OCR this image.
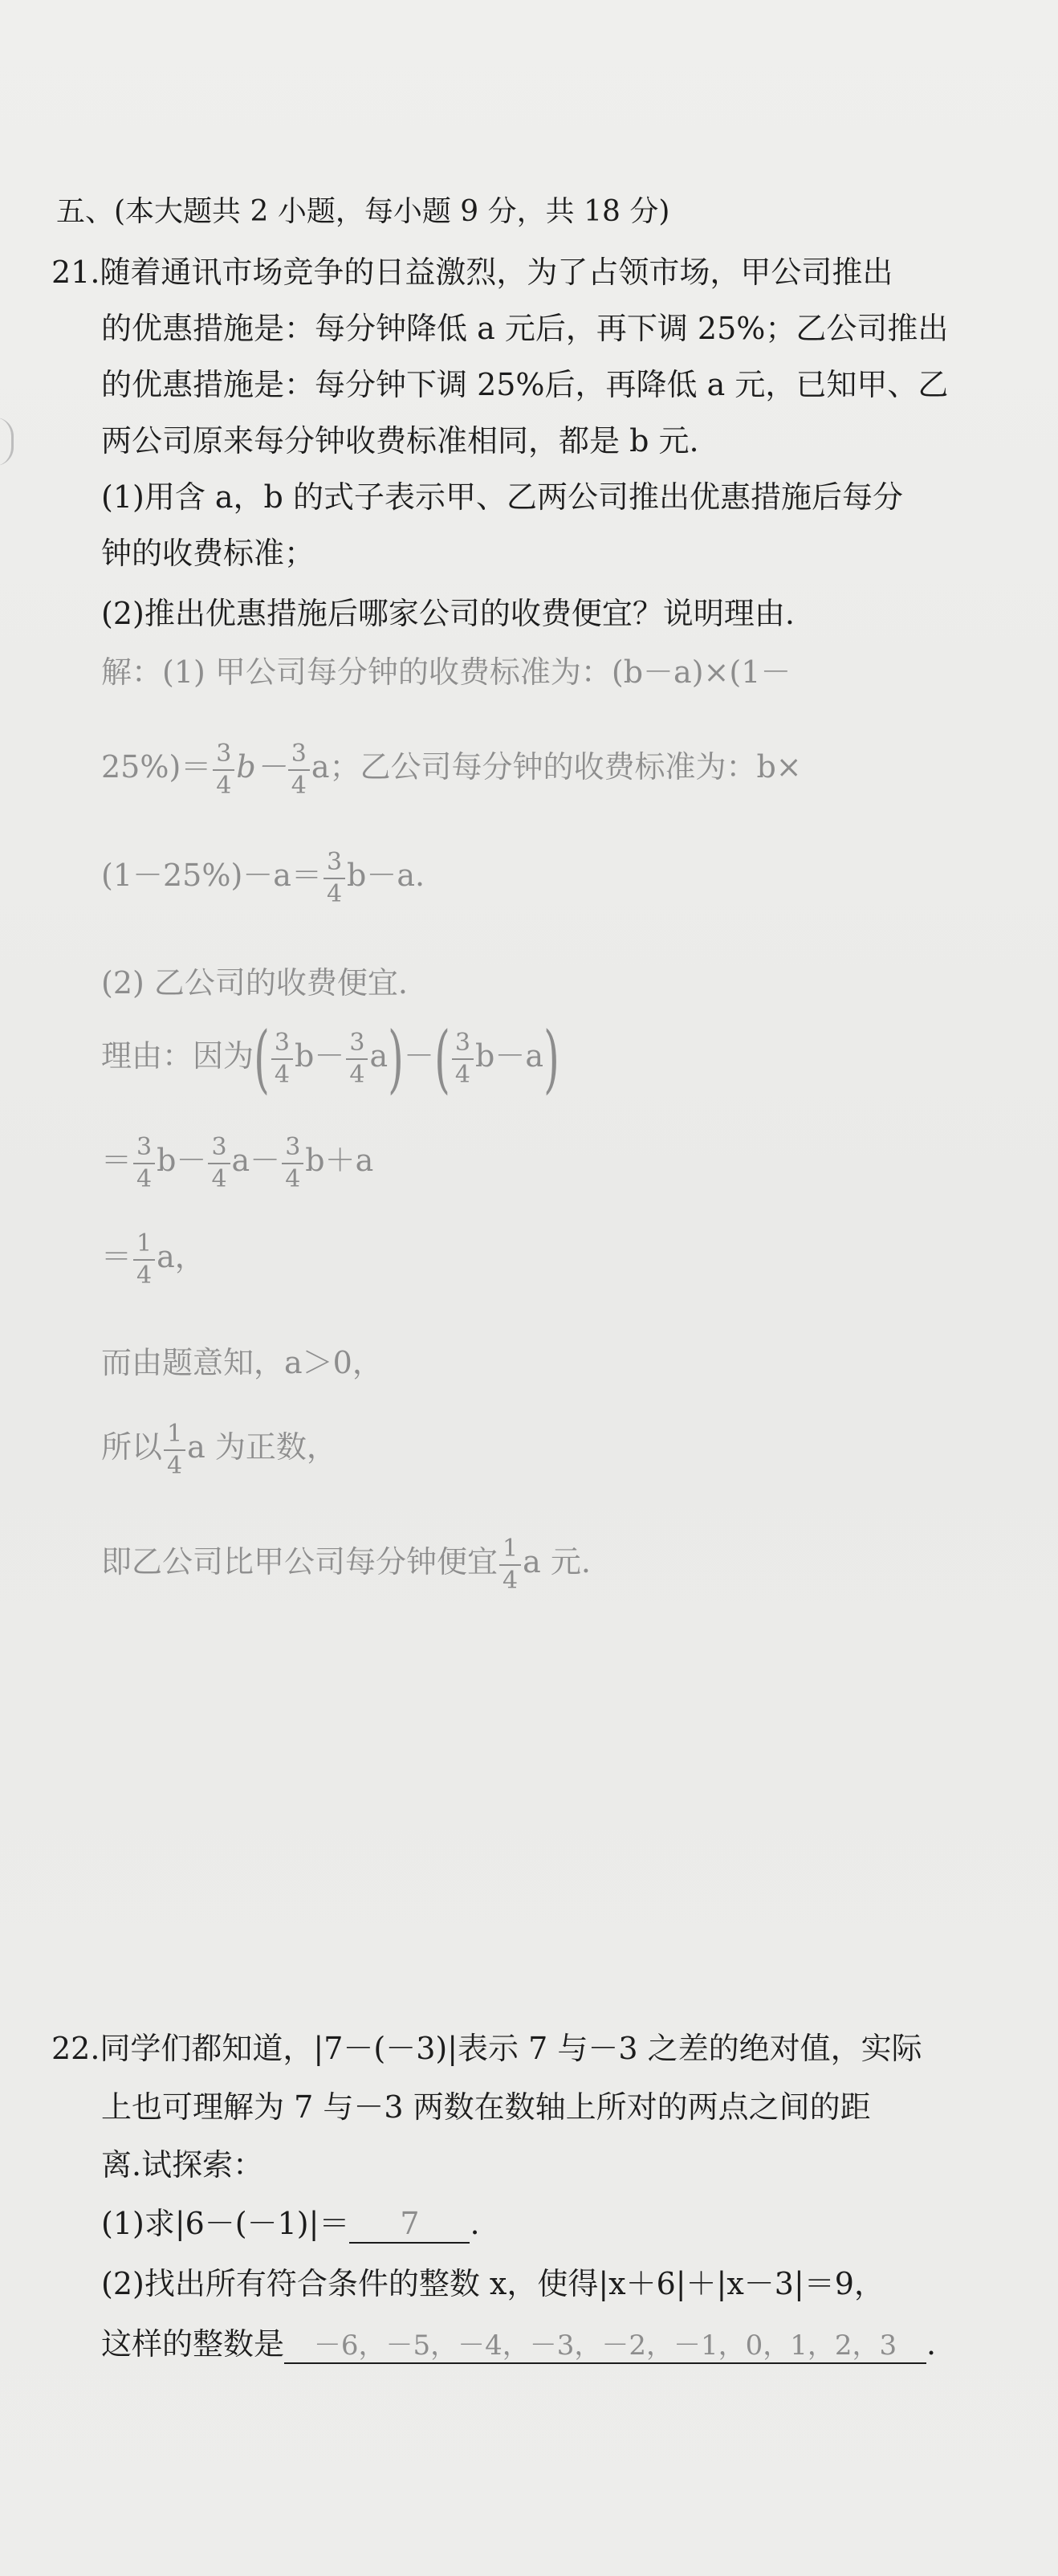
五、(本大题共 2 小题，每小题 9 分，共 18 分)
21.随着通讯市场竞争的日益激烈，为了占领市场，甲公司推出
的优惠措施是：每分钟降低 a 元后，再下调 25%；乙公司推出
的优惠措施是：每分钟下调 25%后，再降低 a 元，已知甲、乙
两公司原来每分钟收费标准相同，都是 b 元.
(1)用含 a，b 的式子表示甲、乙两公司推出优惠措施后每分
钟的收费标准；
(2)推出优惠措施后哪家公司的收费便宜？说明理由.
解：(1) 甲公司每分钟的收费标准为：(b－a)×(1－
$25\%)= \frac{3}{4} b- \frac{3}{4}$ a；乙公司每分钟的收费标准为：b×
$(1-25\%)-a= \frac{3}{4} b-a$.
(2) 乙公司的收费便宜.
理由：因为( $\frac{3}{4} b- \frac{3}{4} a)-( \frac{3}{4} b-a)$
＝ $\frac{3}{4} b- \frac{3}{4} a- \frac{3}{4} b+a$
＝ $\frac{1}{4}$ a，
而由题意知，a＞0，
所以 $\frac{1}{4}$ a 为正数，
即乙公司比甲公司每分钟便宜 $\frac{1}{4}$ a 元.
22.同学们都知道，|7－(－3)|表示 7 与－3 之差的绝对值，实际
上也可理解为 7 与－3 两数在数轴上所对的两点之间的距
离.试探索：
(1)求|6－(－1)|＝ 7 .
(2)找出所有符合条件的整数 x，使得|x＋6|＋|x－3|＝9，
这样的整数是 －6，－5，－4，－3，－2，－1，0，1，2，3 .
